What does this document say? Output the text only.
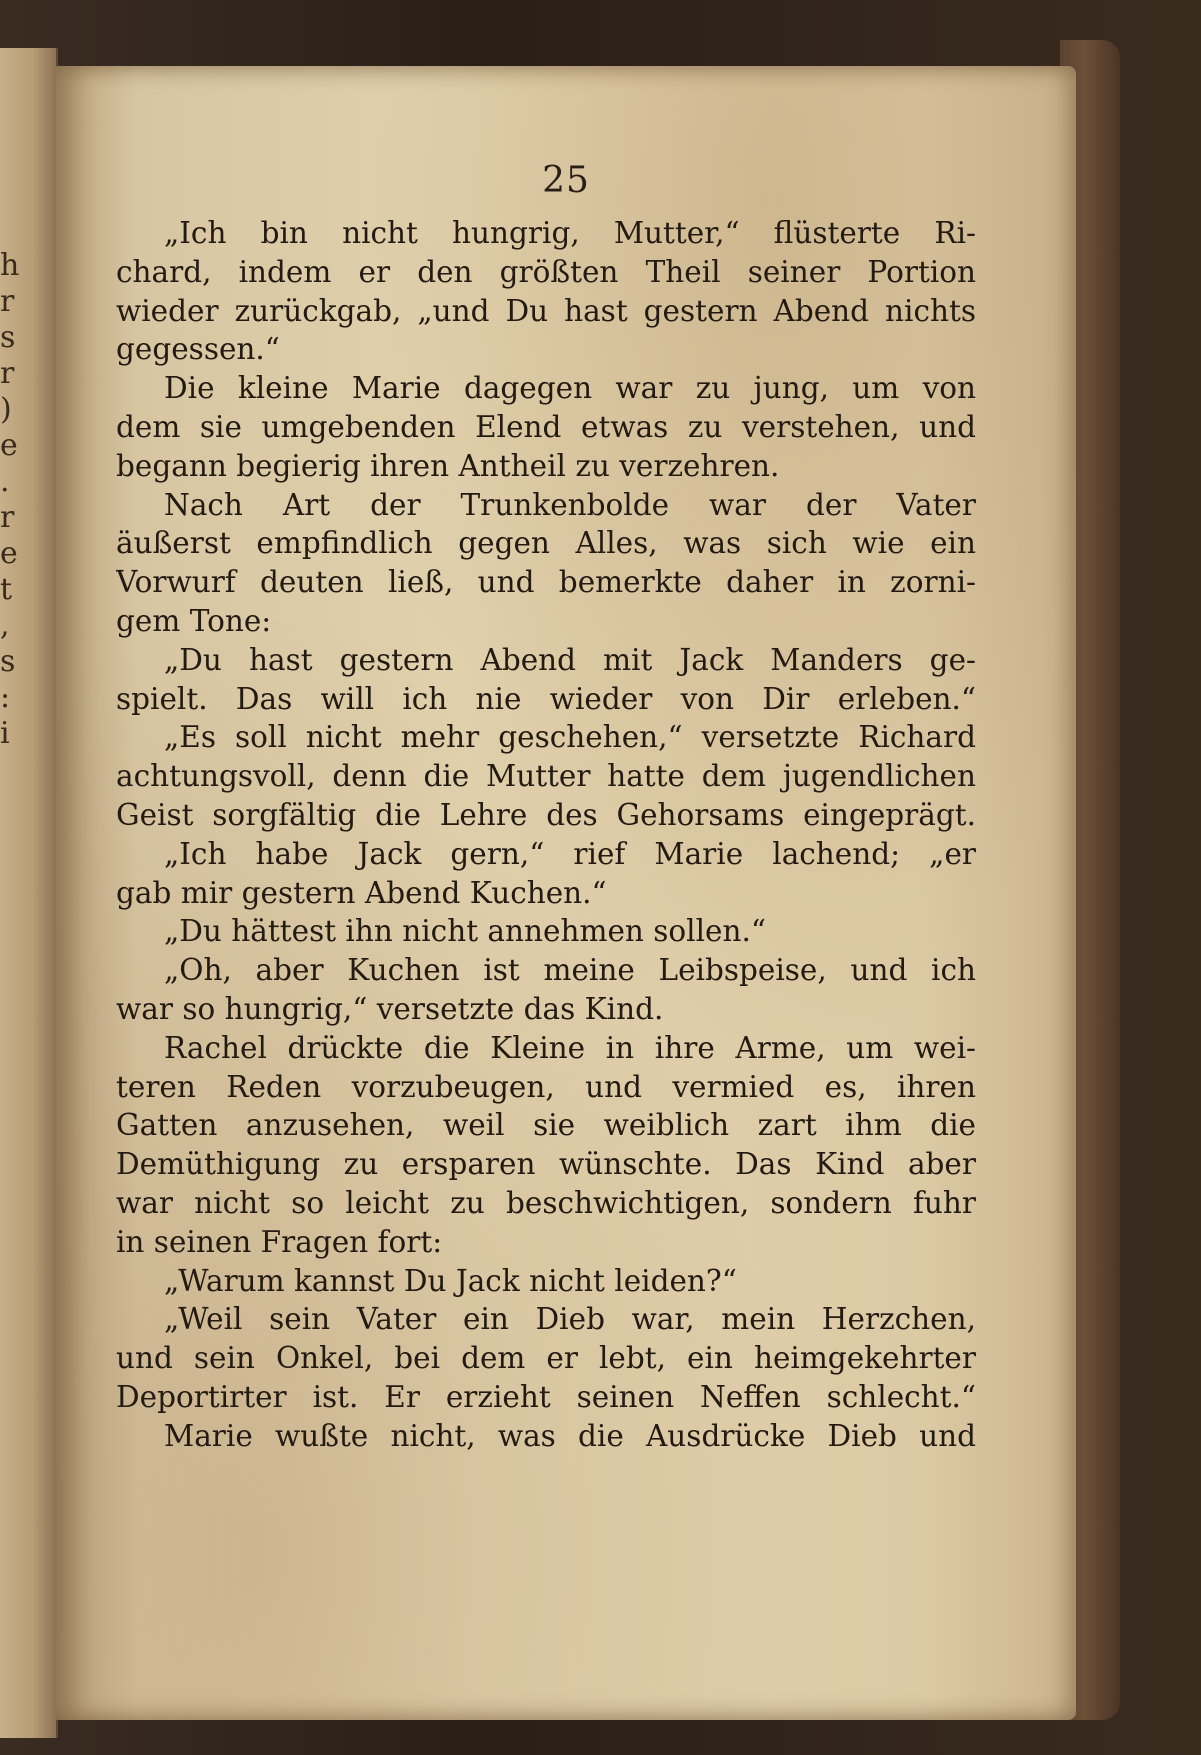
h
r
s
r
)
e
.
r
e
t
,
s
:
i
25
„Ich bin nicht hungrig, Mutter,“ flüsterte Ri-
chard, indem er den größten Theil seiner Portion
wieder zurückgab, „und Du hast gestern Abend nichts
gegessen.“
Die kleine Marie dagegen war zu jung, um von
dem sie umgebenden Elend etwas zu verstehen, und
begann begierig ihren Antheil zu verzehren.
Nach Art der Trunkenbolde war der Vater
äußerst empfindlich gegen Alles, was sich wie ein
Vorwurf deuten ließ, und bemerkte daher in zorni-
gem Tone:
„Du hast gestern Abend mit Jack Manders ge-
spielt. Das will ich nie wieder von Dir erleben.“
„Es soll nicht mehr geschehen,“ versetzte Richard
achtungsvoll, denn die Mutter hatte dem jugendlichen
Geist sorgfältig die Lehre des Gehorsams eingeprägt.
„Ich habe Jack gern,“ rief Marie lachend; „er
gab mir gestern Abend Kuchen.“
„Du hättest ihn nicht annehmen sollen.“
„Oh, aber Kuchen ist meine Leibspeise, und ich
war so hungrig,“ versetzte das Kind.
Rachel drückte die Kleine in ihre Arme, um wei-
teren Reden vorzubeugen, und vermied es, ihren
Gatten anzusehen, weil sie weiblich zart ihm die
Demüthigung zu ersparen wünschte. Das Kind aber
war nicht so leicht zu beschwichtigen, sondern fuhr
in seinen Fragen fort:
„Warum kannst Du Jack nicht leiden?“
„Weil sein Vater ein Dieb war, mein Herzchen,
und sein Onkel, bei dem er lebt, ein heimgekehrter
Deportirter ist. Er erzieht seinen Neffen schlecht.“
Marie wußte nicht, was die Ausdrücke Dieb und
